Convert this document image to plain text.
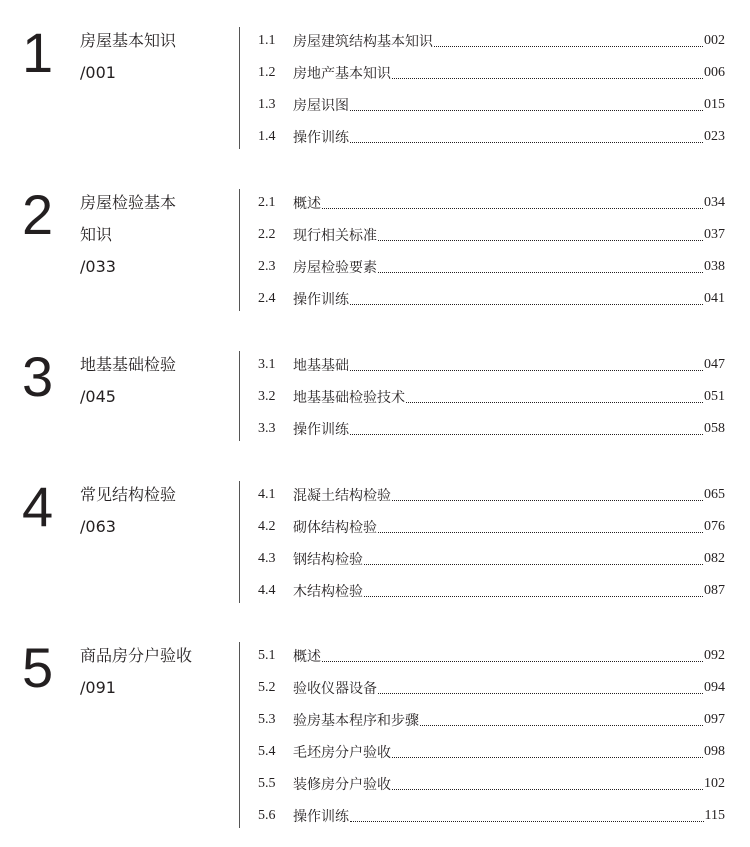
1 房屋基本知识
/001
1.1	房屋建筑结构基本知识	002
1.2	房地产基本知识	006
1.3	房屋识图	015
1.4	操作训练	023
2 房屋检验基本
知识
/033
2.1	概述	034
2.2	现行相关标准	037
2.3	房屋检验要素	038
2.4	操作训练	041
3 地基基础检验
/045
3.1	地基基础	047
3.2	地基基础检验技术	051
3.3	操作训练	058
4 常见结构检验
/063
4.1	混凝土结构检验	065
4.2	砌体结构检验	076
4.3	钢结构检验	082
4.4	木结构检验	087
5 商品房分户验收
/091
5.1	概述	092
5.2	验收仪器设备	094
5.3	验房基本程序和步骤	097
5.4	毛坯房分户验收	098
5.5	装修房分户验收	102
5.6	操作训练	115
